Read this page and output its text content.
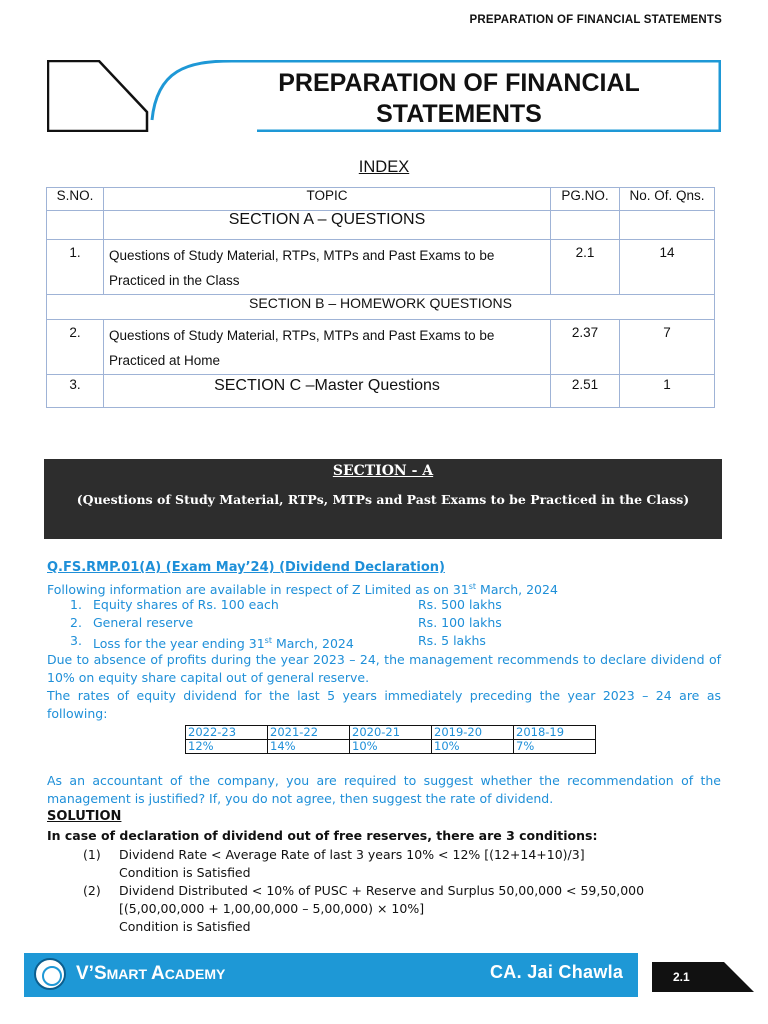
PREPARATION OF FINANCIAL STATEMENTS
PREPARATION OF FINANCIAL
STATEMENTS
INDEX
S.NO.	TOPIC	PG.NO.	No. Of. Qns.
	SECTION A – QUESTIONS		
1.	Questions of Study Material, RTPs, MTPs and Past Exams to be Practiced in the Class	2.1	14
SECTION B – HOMEWORK QUESTIONS			
2.	Questions of Study Material, RTPs, MTPs and Past Exams to be Practiced at Home	2.37	7
3.	SECTION C –Master Questions	2.51	1
SECTION - A
(Questions of Study Material, RTPs, MTPs and Past Exams to be Practiced in the Class)
Q.FS.RMP.01(A) (Exam May’24) (Dividend Declaration)
Following information are available in respect of Z Limited as on 31st March, 2024
1. Equity shares of Rs. 100 each	Rs. 500 lakhs
2. General reserve	Rs. 100 lakhs
3. Loss for the year ending 31st March, 2024	Rs. 5 lakhs
Due to absence of profits during the year 2023 – 24, the management recommends to declare dividend of 10% on equity share capital out of general reserve.
The rates of equity dividend for the last 5 years immediately preceding the year 2023 – 24 are as following:
2022-23	2021-22	2020-21	2019-20	2018-19
12%	14%	10%	10%	7%
As an accountant of the company, you are required to suggest whether the recommendation of the management is justified? If, you do not agree, then suggest the rate of dividend.
SOLUTION
In case of declaration of dividend out of free reserves, there are 3 conditions:
(1) Dividend Rate < Average Rate of last 3 years 10% < 12% [(12+14+10)/3]
Condition is Satisfied
(2) Dividend Distributed < 10% of PUSC + Reserve and Surplus 50,00,000 < 59,50,000
[(5,00,00,000 + 1,00,00,000 – 5,00,000) × 10%]
Condition is Satisfied
V’SMART ACADEMY	CA. Jai Chawla	2.1
